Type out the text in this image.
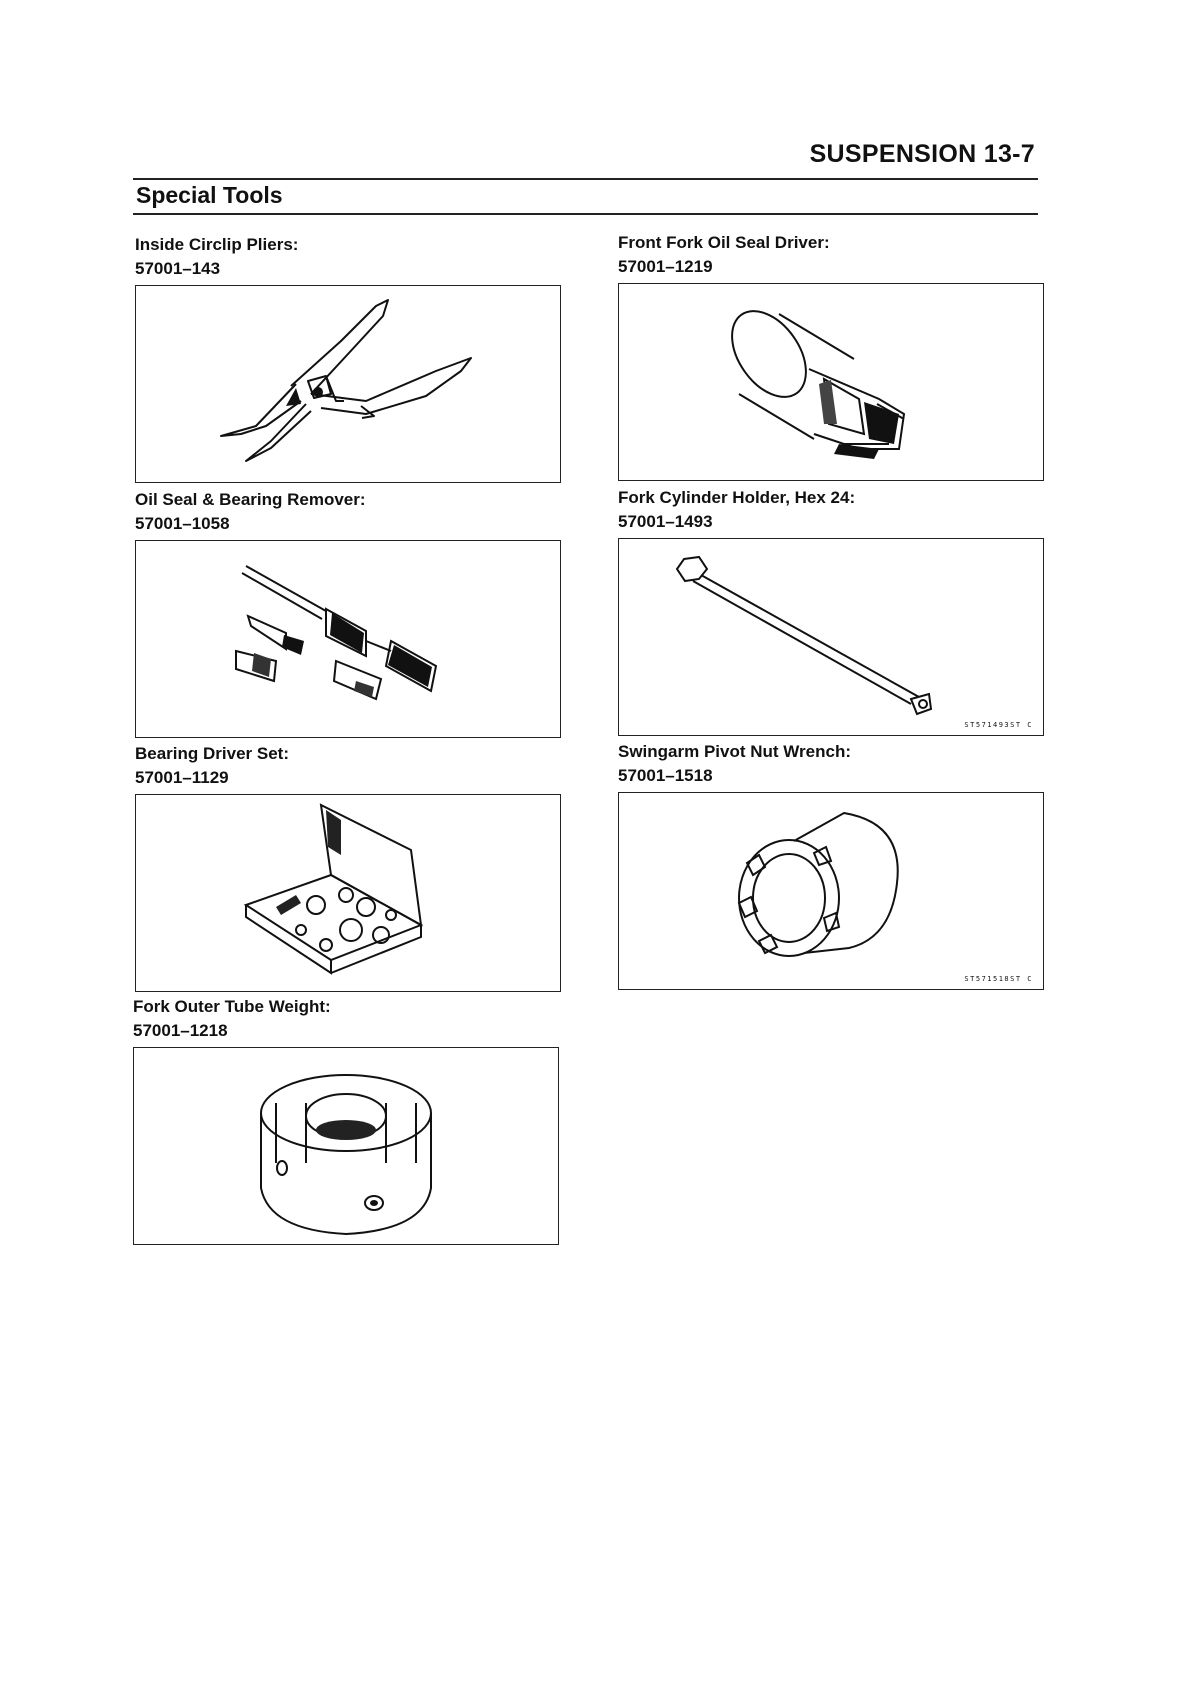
SUSPENSION 13-7
Special Tools
Inside Circlip Pliers:
57001–143
Front Fork Oil Seal Driver:
57001–1219
Oil Seal & Bearing Remover:
57001–1058
Fork Cylinder Holder, Hex 24:
57001–1493
ST571493ST C
Bearing Driver Set:
57001–1129
Swingarm Pivot Nut Wrench:
57001–1518
ST571518ST C
Fork Outer Tube Weight:
57001–1218
